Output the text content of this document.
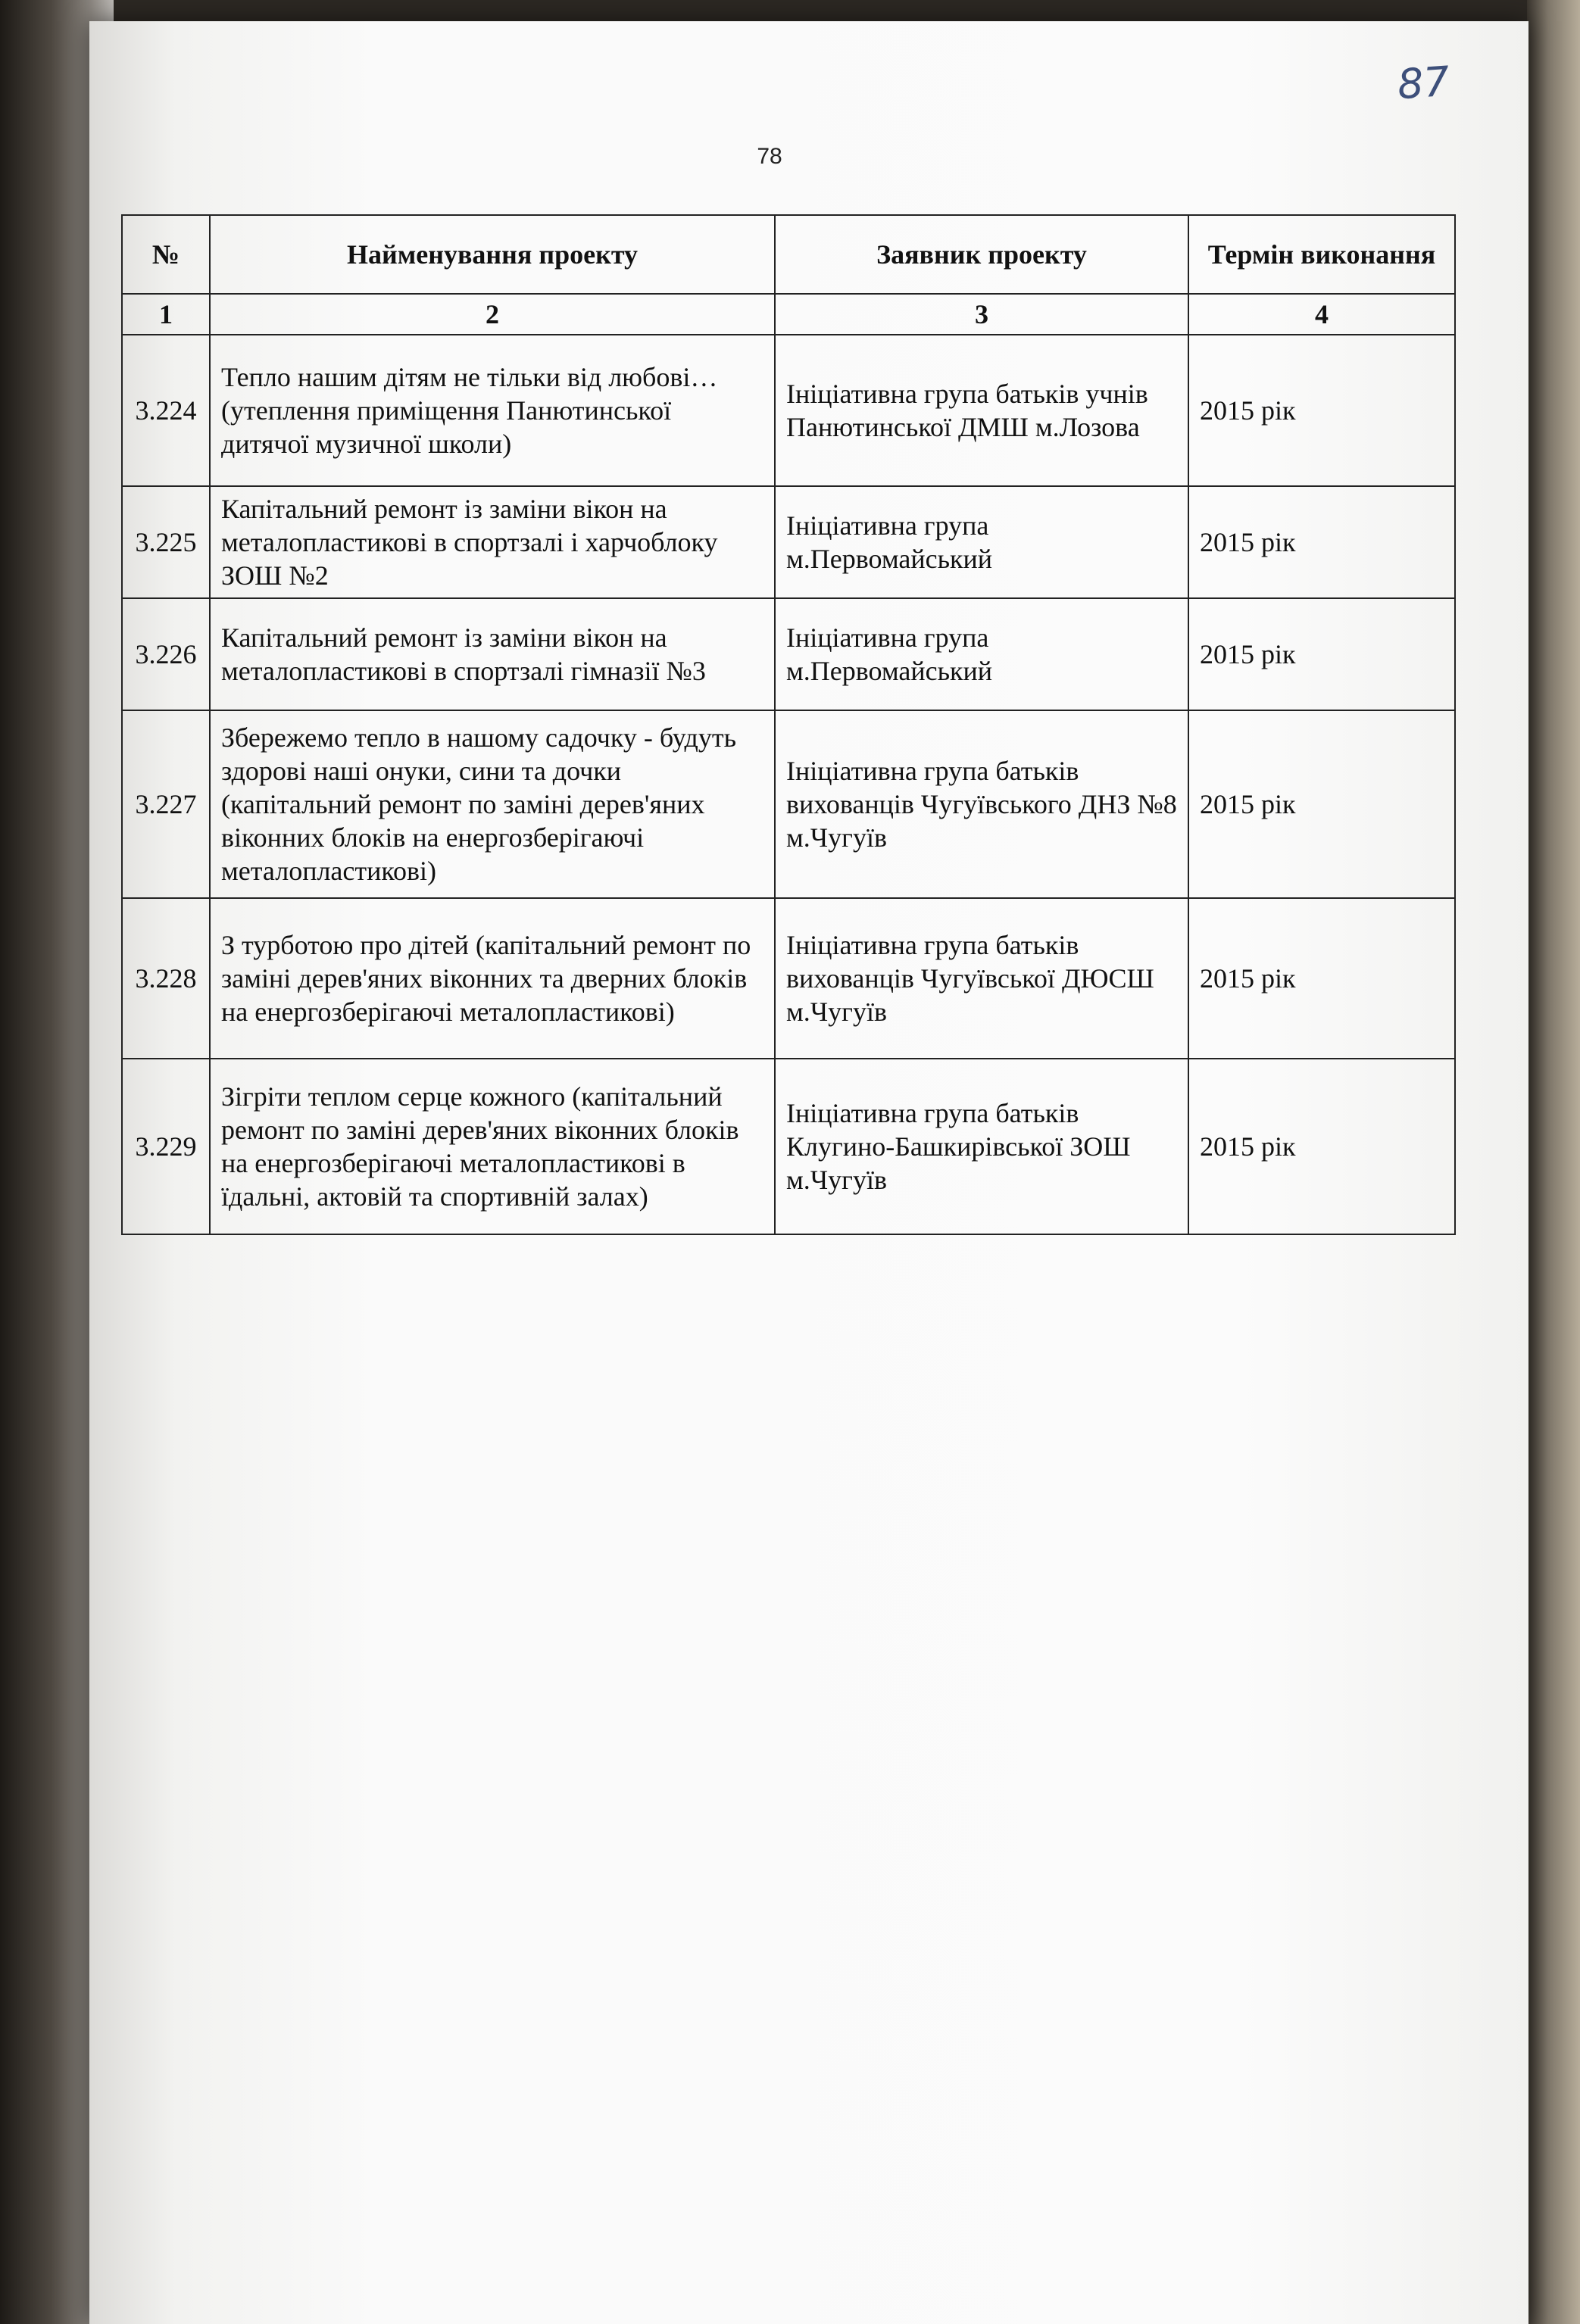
87
78
№	Найменування проекту	Заявник проекту	Термін виконання
1	2	3	4
3.224	Тепло нашим дітям не тільки від любові… (утеплення приміщення Панютинської дитячої музичної школи)	Ініціативна група батьків учнів Панютинської ДМШ м.Лозова	2015 рік
3.225	Капітальний ремонт із заміни вікон на металопластикові в спортзалі і харчоблоку ЗОШ №2	Ініціативна група м.Первомайський	2015 рік
3.226	Капітальний ремонт із заміни вікон на металопластикові в спортзалі гімназії №3	Ініціативна група м.Первомайський	2015 рік
3.227	Збережемо тепло в нашому садочку - будуть здорові наші онуки, сини та дочки (капітальний ремонт по заміні дерев'яних віконних блоків на енергозберігаючі металопластикові)	Ініціативна група батьків вихованців Чугуївського ДНЗ №8 м.Чугуїв	2015 рік
3.228	З турботою про дітей (капітальний ремонт по заміні дерев'яних віконних та дверних блоків на енергозберігаючі металопластикові)	Ініціативна група батьків вихованців Чугуївської ДЮСШ м.Чугуїв	2015 рік
3.229	Зігріти теплом серце кожного (капітальний ремонт по заміні дерев'яних віконних блоків на енергозберігаючі металопластикові в їдальні, актовій та спортивній залах)	Ініціативна група батьків Клугино-Башкирівської ЗОШ м.Чугуїв	2015 рік
